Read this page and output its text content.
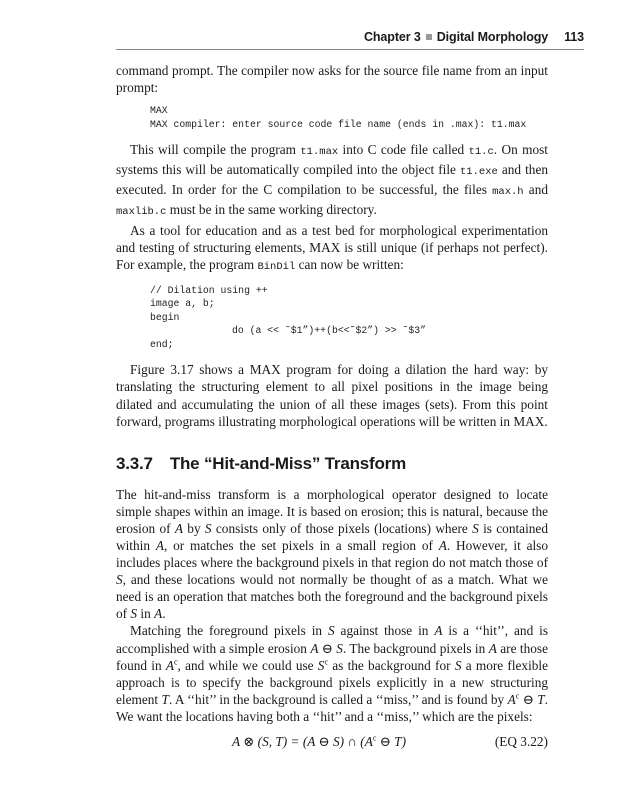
Chapter 3 Digital Morphology 113

command prompt. The compiler now asks for the source file name from an input prompt:

MAX
MAX compiler: enter source code file name (ends in .max): t1.max

This will compile the program t1.max into C code file called t1.c. On most systems this will be automatically compiled into the object file t1.exe and then executed. In order for the C compilation to be successful, the files max.h and maxlib.c must be in the same working directory.

As a tool for education and as a test bed for morphological experimentation and testing of structuring elements, MAX is still unique (if perhaps not perfect). For example, the program BinDil can now be written:

// Dilation using ++
image a, b;
begin
do (a << ˜$1”)++(b<<˜$2”) >> ˜$3”
end;

Figure 3.17 shows a MAX program for doing a dilation the hard way: by translating the structuring element to all pixel positions in the image being dilated and accumulating the union of all these images (sets). From this point forward, programs illustrating morphological operations will be written in MAX.

3.3.7 The “Hit-and-Miss” Transform

The hit-and-miss transform is a morphological operator designed to locate simple shapes within an image. It is based on erosion; this is natural, because the erosion of A by S consists only of those pixels (locations) where S is contained within A, or matches the set pixels in a small region of A. However, it also includes places where the background pixels in that region do not match those of S, and these locations would not normally be thought of as a match. What we need is an operation that matches both the foreground and the background pixels of S in A.

Matching the foreground pixels in S against those in A is a ‘‘hit’’, and is accomplished with a simple erosion A ⊖ S. The background pixels in A are those found in $A^c$, and while we could use $S^c$ as the background for S a more flexible approach is to specify the background pixels explicitly in a new structuring element T. A ‘‘hit’’ in the background is called a ‘‘miss,’’ and is found by $A^c$ ⊖ T. We want the locations having both a ‘‘hit’’ and a ‘‘miss,’’ which are the pixels:

A ⊗ (S, T) = (A ⊖ S) ∩ ($A^c$ ⊖ T)	(EQ 3.22)
